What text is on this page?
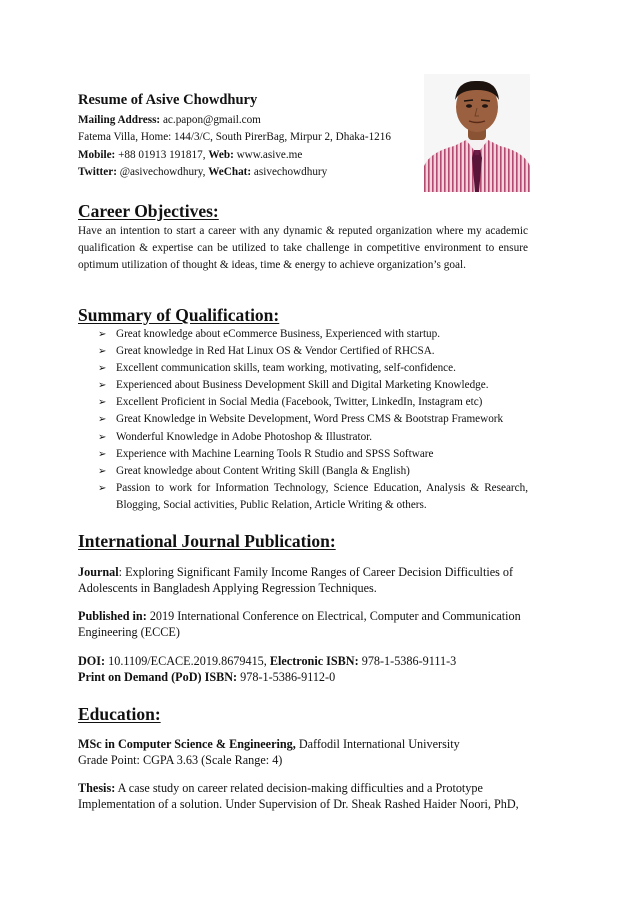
Resume of Asive Chowdhury
Mailing Address: ac.papon@gmail.com
Fatema Villa, Home: 144/3/C, South PirerBag, Mirpur 2, Dhaka-1216
Mobile: +88 01913 191817, Web: www.asive.me
Twitter: @asivechowdhury, WeChat: asivechowdhury
Career Objectives:

Have an intention to start a career with any dynamic & reputed organization where my academic qualification & expertise can be utilized to take challenge in competitive environment to ensure optimum utilization of thought & ideas, time & energy to achieve organization’s goal.

Summary of Qualification:
➢ Great knowledge about eCommerce Business, Experienced with startup.
➢ Great knowledge in Red Hat Linux OS & Vendor Certified of RHCSA.
➢ Excellent communication skills, team working, motivating, self-confidence.
➢ Experienced about Business Development Skill and Digital Marketing Knowledge.
➢ Excellent Proficient in Social Media (Facebook, Twitter, LinkedIn, Instagram etc)
➢ Great Knowledge in Website Development, Word Press CMS & Bootstrap Framework
➢ Wonderful Knowledge in Adobe Photoshop & Illustrator.
➢ Experience with Machine Learning Tools R Studio and SPSS Software
➢ Great knowledge about Content Writing Skill (Bangla & English)
➢ Passion to work for Information Technology, Science Education, Analysis & Research, Blogging, Social activities, Public Relation, Article Writing & others.
International Journal Publication:
Journal: Exploring Significant Family Income Ranges of Career Decision Difficulties of Adolescents in Bangladesh Applying Regression Techniques.
Published in: 2019 International Conference on Electrical, Computer and Communication Engineering (ECCE)
DOI: 10.1109/ECACE.2019.8679415, Electronic ISBN: 978-1-5386-9111-3
Print on Demand (PoD) ISBN: 978-1-5386-9112-0
Education:
MSc in Computer Science & Engineering, Daffodil International University
Grade Point: CGPA 3.63 (Scale Range: 4)
Thesis: A case study on career related decision-making difficulties and a Prototype Implementation of a solution. Under Supervision of Dr. Sheak Rashed Haider Noori, PhD,
